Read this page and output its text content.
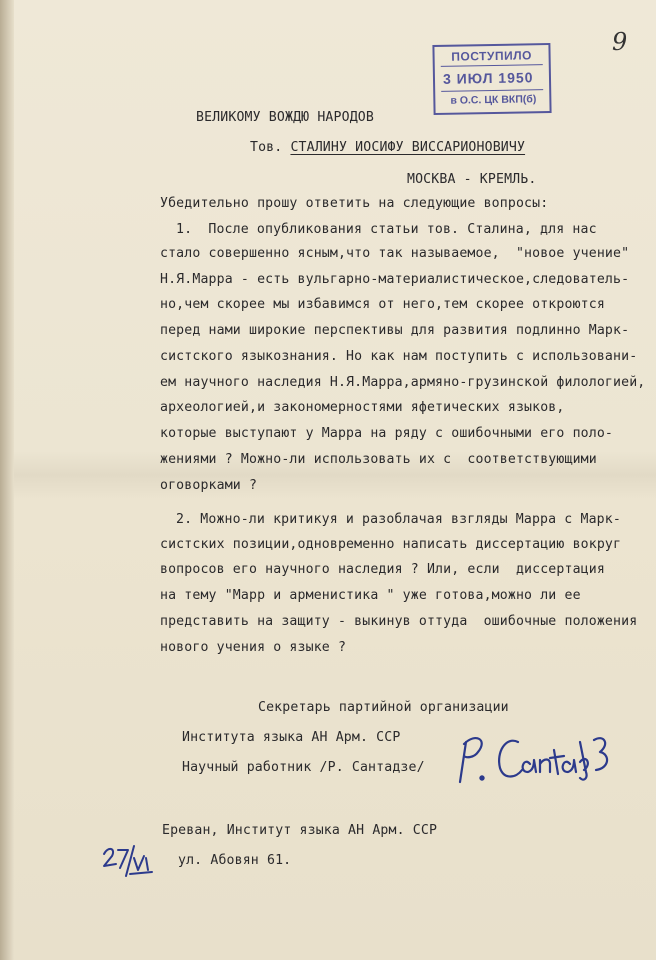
9
ПОСТУПИЛО
3 ИЮЛ 1950
в О.С. ЦК ВКП(б)
ВЕЛИКОМУ ВОЖДЮ НАРОДОВ
Тов. СТАЛИНУ ИОСИФУ ВИССАРИОНОВИЧУ
МОСКВА - КРЕМЛЬ.
Убедительно прошу ответить на следующие вопросы:
1.  После опубликования статьи тов. Сталина, для нас
стало совершенно ясным,что так называемое,  "новое учение"
Н.Я.Марра - есть вульгарно-материалистическое,следователь-
но,чем скорее мы избавимся от него,тем скорее откроются
перед нами широкие перспективы для развития подлинно Марк-
систского языкознания. Но как нам поступить с использовани-
ем научного наследия Н.Я.Марра,армяно-грузинской филологией,
археологией,и закономерностями яфетических языков,
которые выступают у Марра на ряду с ошибочными его поло-
жениями ? Можно-ли использовать их с  соответствующими
оговорками ?
2. Можно-ли критикуя и разоблачая взгляды Марра с Марк-
систских позиции,одновременно написать диссертацию вокруг
вопросов его научного наследия ? Или, если  диссертация
на тему "Марр и арменистика " уже готова,можно ли ее
представить на защиту - выкинув оттуда  ошибочные положения
нового учения о языке ?
Секретарь партийной организации
Института языка АН Арм. ССР
Научный работник /Р. Сантадзе/
Ереван, Институт языка АН Арм. ССР
ул. Абовян 61.
